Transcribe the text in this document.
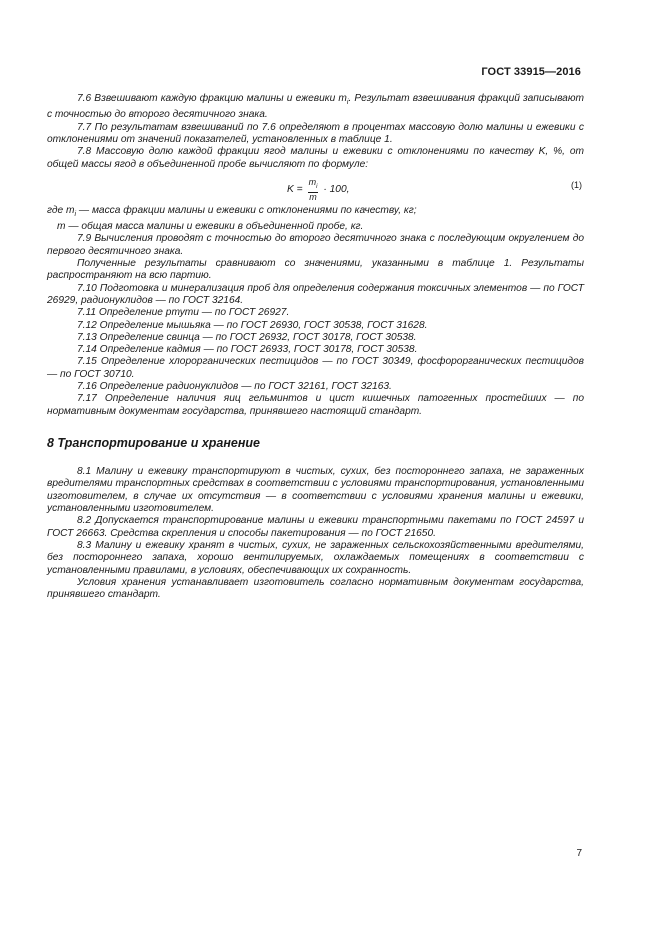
ГОСТ 33915—2016

7.6 Взвешивают каждую фракцию малины и ежевики $m_i$. Результат взвешивания фракций записывают с точностью до второго десятичного знака.

7.7 По результатам взвешиваний по 7.6 определяют в процентах массовую долю малины и ежевики с отклонениями от значений показателей, установленных в таблице 1.

7.8 Массовую долю каждой фракции ягод малины и ежевики с отклонениями по качеству K, %, от общей массы ягод в объединенной пробе вычисляют по формуле:

$K = \frac{m_i}{m} \cdot 100$,	(1)

где $m_i$ — масса фракции малины и ежевики с отклонениями по качеству, кг;

m — общая масса малины и ежевики в объединенной пробе, кг.

7.9 Вычисления проводят с точностью до второго десятичного знака с последующим округлением до первого десятичного знака.

Полученные результаты сравнивают со значениями, указанными в таблице 1. Результаты распространяют на всю партию.

7.10 Подготовка и минерализация проб для определения содержания токсичных элементов — по ГОСТ 26929, радионуклидов — по ГОСТ 32164.

7.11 Определение ртути — по ГОСТ 26927.

7.12 Определение мышьяка — по ГОСТ 26930, ГОСТ 30538, ГОСТ 31628.

7.13 Определение свинца — по ГОСТ 26932, ГОСТ 30178, ГОСТ 30538.

7.14 Определение кадмия — по ГОСТ 26933, ГОСТ 30178, ГОСТ 30538.

7.15 Определение хлорорганических пестицидов — по ГОСТ 30349, фосфорорганических пестицидов — по ГОСТ 30710.

7.16 Определение радионуклидов — по ГОСТ 32161, ГОСТ 32163.

7.17 Определение наличия яиц гельминтов и цист кишечных патогенных простейших — по нормативным документам государства, принявшего настоящий стандарт.

8 Транспортирование и хранение

8.1 Малину и ежевику транспортируют в чистых, сухих, без постороннего запаха, не зараженных вредителями транспортных средствах в соответствии с условиями транспортирования, установленными изготовителем, в случае их отсутствия — в соответствии с условиями хранения малины и ежевики, установленными изготовителем.

8.2 Допускается транспортирование малины и ежевики транспортными пакетами по ГОСТ 24597 и ГОСТ 26663. Средства скрепления и способы пакетирования — по ГОСТ 21650.

8.3 Малину и ежевику хранят в чистых, сухих, не зараженных сельскохозяйственными вредителями, без постороннего запаха, хорошо вентилируемых, охлаждаемых помещениях в соответствии с установленными правилами, в условиях, обеспечивающих их сохранность.

Условия хранения устанавливает изготовитель согласно нормативным документам государства, принявшего стандарт.

7
